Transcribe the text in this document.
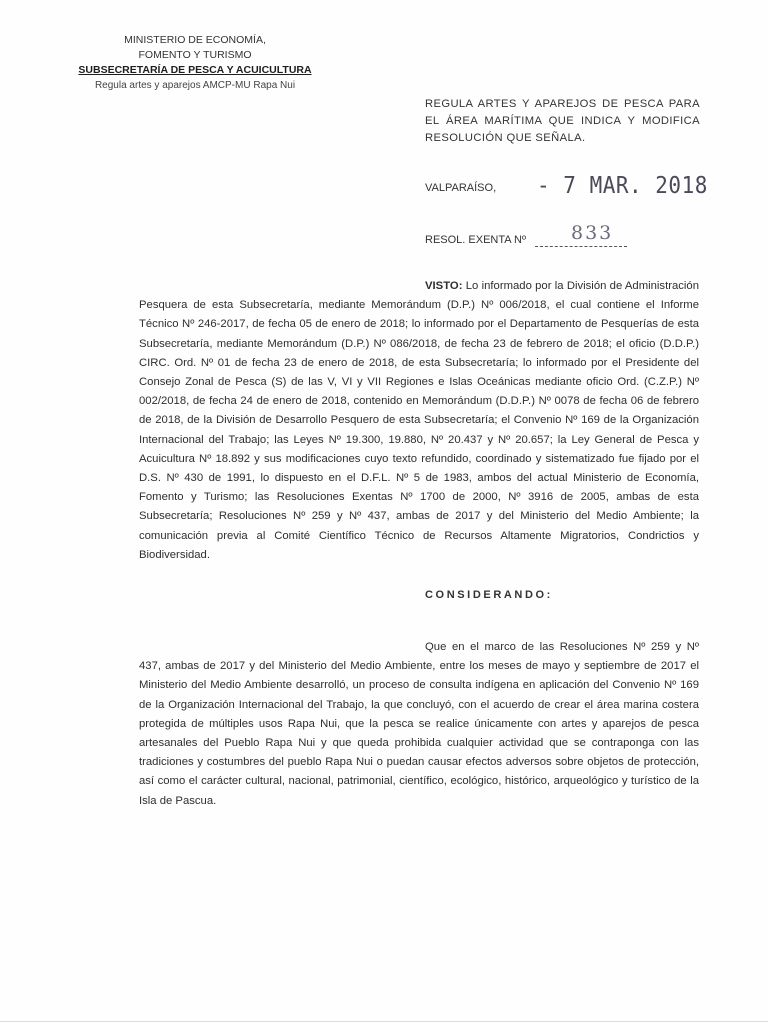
MINISTERIO DE ECONOMÍA,
FOMENTO Y TURISMO
SUBSECRETARÍA DE PESCA Y ACUICULTURA
Regula artes y aparejos AMCP-MU Rapa Nui
REGULA ARTES Y APAREJOS DE PESCA PARA EL ÁREA MARÍTIMA QUE INDICA Y MODIFICA RESOLUCIÓN QUE SEÑALA.
VALPARAÍSO, - 7 MAR. 2018
RESOL. EXENTA Nº 833
VISTO: Lo informado por la División de Administración Pesquera de esta Subsecretaría, mediante Memorándum (D.P.) Nº 006/2018, el cual contiene el Informe Técnico Nº 246-2017, de fecha 05 de enero de 2018; lo informado por el Departamento de Pesquerías de esta Subsecretaría, mediante Memorándum (D.P.) Nº 086/2018, de fecha 23 de febrero de 2018; el oficio (D.D.P.) CIRC. Ord. Nº 01 de fecha 23 de enero de 2018, de esta Subsecretaría; lo informado por el Presidente del Consejo Zonal de Pesca (S) de las V, VI y VII Regiones e Islas Oceánicas mediante oficio Ord. (C.Z.P.) Nº 002/2018, de fecha 24 de enero de 2018, contenido en Memorándum (D.D.P.) Nº 0078 de fecha 06 de febrero de 2018, de la División de Desarrollo Pesquero de esta Subsecretaría; el Convenio Nº 169 de la Organización Internacional del Trabajo; las Leyes Nº 19.300, 19.880, Nº 20.437 y Nº 20.657; la Ley General de Pesca y Acuicultura Nº 18.892 y sus modificaciones cuyo texto refundido, coordinado y sistematizado fue fijado por el D.S. Nº 430 de 1991, lo dispuesto en el D.F.L. Nº 5 de 1983, ambos del actual Ministerio de Economía, Fomento y Turismo; las Resoluciones Exentas Nº 1700 de 2000, Nº 3916 de 2005, ambas de esta Subsecretaría; Resoluciones Nº 259 y Nº 437, ambas de 2017 y del Ministerio del Medio Ambiente; la comunicación previa al Comité Científico Técnico de Recursos Altamente Migratorios, Condrictios y Biodiversidad.
CONSIDERANDO:
Que en el marco de las Resoluciones Nº 259 y Nº 437, ambas de 2017 y del Ministerio del Medio Ambiente, entre los meses de mayo y septiembre de 2017 el Ministerio del Medio Ambiente desarrolló, un proceso de consulta indígena en aplicación del Convenio Nº 169 de la Organización Internacional del Trabajo, la que concluyó, con el acuerdo de crear el área marina costera protegida de múltiples usos Rapa Nui, que la pesca se realice únicamente con artes y aparejos de pesca artesanales del Pueblo Rapa Nui y que queda prohibida cualquier actividad que se contraponga con las tradiciones y costumbres del pueblo Rapa Nui o puedan causar efectos adversos sobre objetos de protección, así como el carácter cultural, nacional, patrimonial, científico, ecológico, histórico, arqueológico y turístico de la Isla de Pascua.
